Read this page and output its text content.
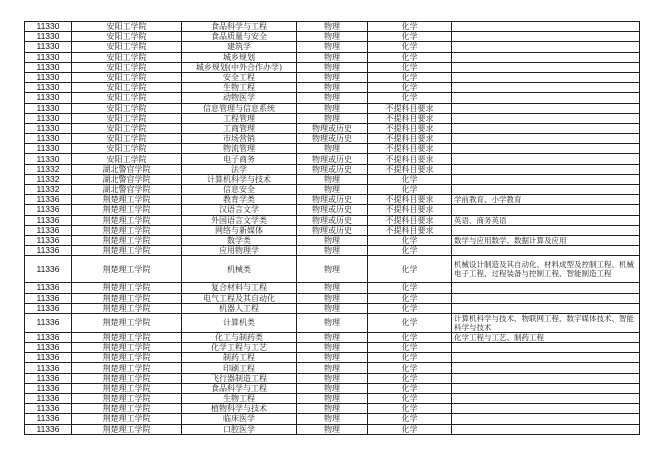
11330	安阳工学院	食品科学与工程	物理	化学	
11330	安阳工学院	食品质量与安全	物理	化学	
11330	安阳工学院	建筑学	物理	化学	
11330	安阳工学院	城乡规划	物理	化学	
11330	安阳工学院	城乡规划(中外合作办学)	物理	化学	
11330	安阳工学院	安全工程	物理	化学	
11330	安阳工学院	生物工程	物理	化学	
11330	安阳工学院	动物医学	物理	化学	
11330	安阳工学院	信息管理与信息系统	物理	不提科目要求	
11330	安阳工学院	工程管理	物理	不提科目要求	
11330	安阳工学院	工商管理	物理或历史	不提科目要求	
11330	安阳工学院	市场营销	物理或历史	不提科目要求	
11330	安阳工学院	物流管理	物理	不提科目要求	
11330	安阳工学院	电子商务	物理或历史	不提科目要求	
11332	湖北警官学院	法学	物理或历史	不提科目要求	
11332	湖北警官学院	计算机科学与技术	物理	化学	
11332	湖北警官学院	信息安全	物理	化学	
11336	荆楚理工学院	教育学类	物理或历史	不提科目要求	学前教育、小学教育
11336	荆楚理工学院	汉语言文学	物理或历史	不提科目要求	
11336	荆楚理工学院	外国语言文学类	物理或历史	不提科目要求	英语、商务英语
11336	荆楚理工学院	网络与新媒体	物理或历史	不提科目要求	
11336	荆楚理工学院	数学类	物理	化学	数学与应用数学、数据计算及应用
11336	荆楚理工学院	应用物理学	物理	化学	
11336	荆楚理工学院	机械类	物理	化学	机械设计制造及其自动化、材料成型及控制工程、机械电子工程、过程装备与控制工程、智能制造工程
11336	荆楚理工学院	复合材料与工程	物理	化学	
11336	荆楚理工学院	电气工程及其自动化	物理	化学	
11336	荆楚理工学院	机器人工程	物理	化学	
11336	荆楚理工学院	计算机类	物理	化学	计算机科学与技术、物联网工程、数字媒体技术、智能科学与技术
11336	荆楚理工学院	化工与制药类	物理	化学	化学工程与工艺、制药工程
11336	荆楚理工学院	化学工程与工艺	物理	化学	
11336	荆楚理工学院	制药工程	物理	化学	
11336	荆楚理工学院	印刷工程	物理	化学	
11336	荆楚理工学院	飞行器制造工程	物理	化学	
11336	荆楚理工学院	食品科学与工程	物理	化学	
11336	荆楚理工学院	生物工程	物理	化学	
11336	荆楚理工学院	植物科学与技术	物理	化学	
11336	荆楚理工学院	临床医学	物理	化学	
11336	荆楚理工学院	口腔医学	物理	化学	
